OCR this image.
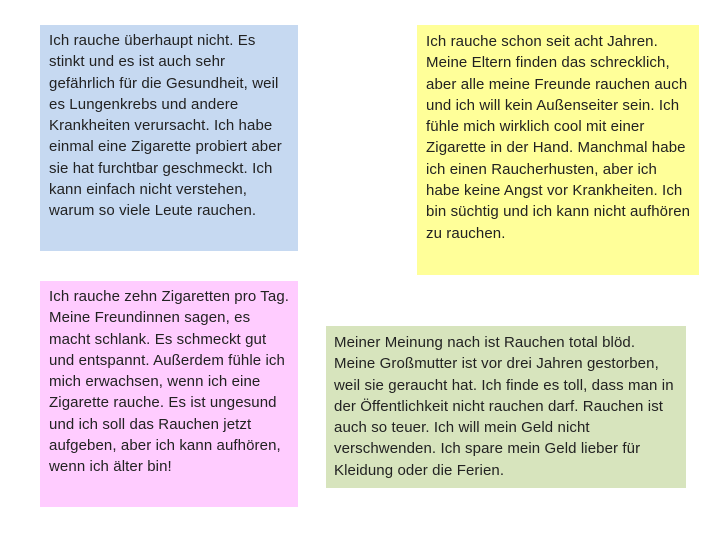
Ich rauche überhaupt nicht. Es stinkt und es ist auch sehr gefährlich für die Gesundheit, weil es Lungenkrebs und andere Krankheiten verursacht. Ich habe einmal eine Zigarette probiert aber sie hat furchtbar geschmeckt. Ich kann einfach nicht verstehen, warum so viele Leute rauchen.

Ich rauche schon seit acht Jahren. Meine Eltern finden das schrecklich, aber alle meine Freunde rauchen auch und ich will kein Außenseiter sein. Ich fühle mich wirklich cool mit einer Zigarette in der Hand. Manchmal habe ich einen Raucherhusten, aber ich habe keine Angst vor Krankheiten. Ich bin süchtig und ich kann nicht aufhören zu rauchen.

Ich rauche zehn Zigaretten pro Tag. Meine Freundinnen sagen, es macht schlank. Es schmeckt gut und entspannt. Außerdem fühle ich mich erwachsen, wenn ich eine Zigarette rauche. Es ist ungesund und ich soll das Rauchen jetzt aufgeben, aber ich kann aufhören, wenn ich älter bin!

Meiner Meinung nach ist Rauchen total blöd. Meine Großmutter ist vor drei Jahren gestorben, weil sie geraucht hat. Ich finde es toll, dass man in der Öffentlichkeit nicht rauchen darf. Rauchen ist auch so teuer. Ich will mein Geld nicht verschwenden. Ich spare mein Geld lieber für Kleidung oder die Ferien.
